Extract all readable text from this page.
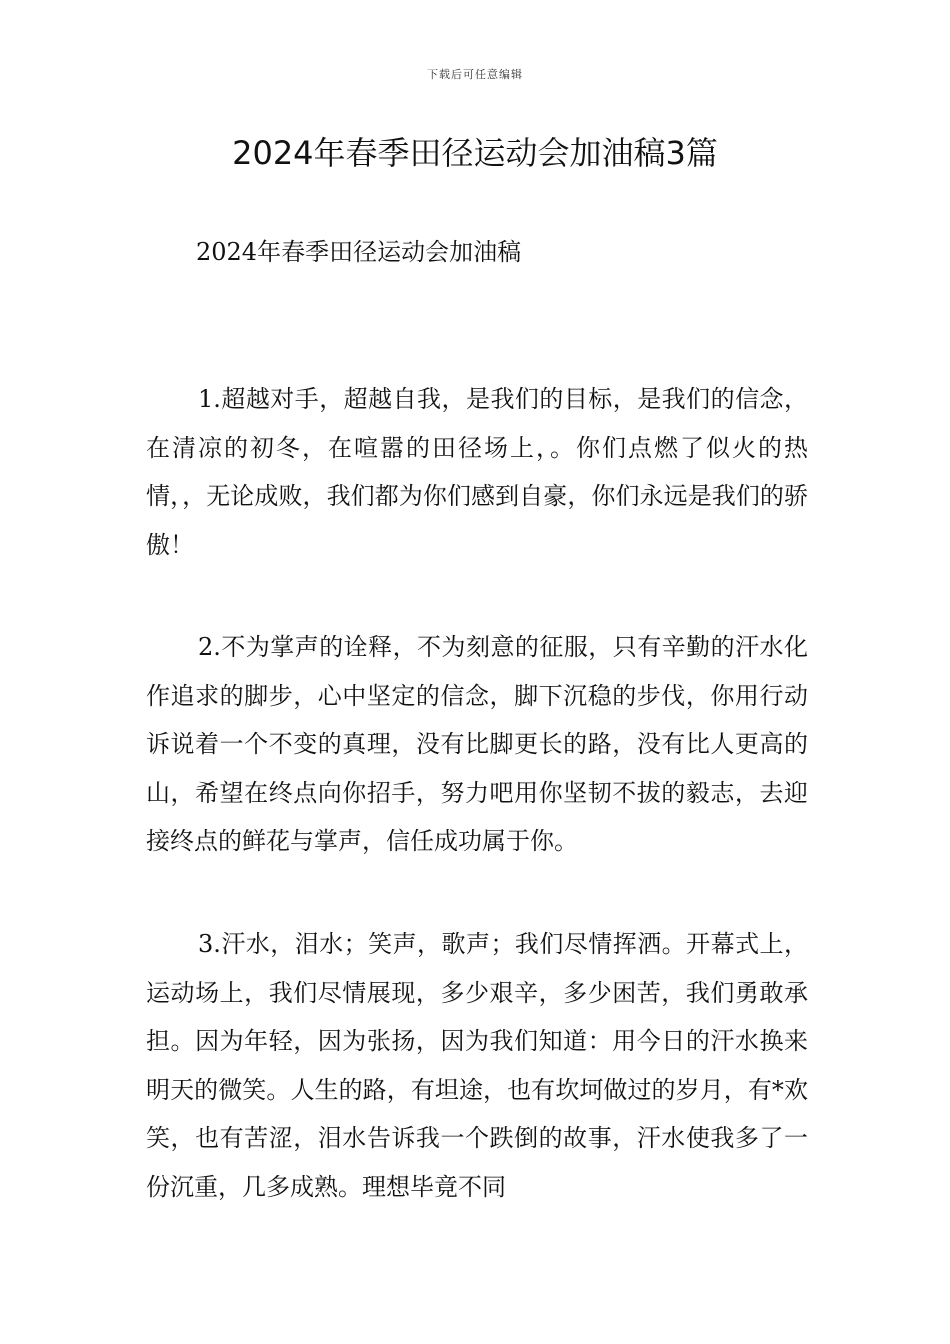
下载后可任意编辑
2024年春季田径运动会加油稿3篇
2024年春季田径运动会加油稿

1.超越对手，超越自我，是我们的目标，是我们的信念，在清凉的初冬，在喧嚣的田径场上，。你们点燃了似火的热情，，无论成败，我们都为你们感到自豪，你们永远是我们的骄傲！

2.不为掌声的诠释，不为刻意的征服，只有辛勤的汗水化作追求的脚步，心中坚定的信念，脚下沉稳的步伐，你用行动诉说着一个不变的真理，没有比脚更长的路，没有比人更高的山，希望在终点向你招手，努力吧用你坚韧不拔的毅志，去迎接终点的鲜花与掌声，信任成功属于你。

3.汗水，泪水；笑声，歌声；我们尽情挥洒。开幕式上，运动场上，我们尽情展现，多少艰辛，多少困苦，我们勇敢承担。因为年轻，因为张扬，因为我们知道：用今日的汗水换来明天的微笑。人生的路，有坦途，也有坎坷做过的岁月，有*欢笑，也有苦涩，泪水告诉我一个跌倒的故事，汗水使我多了一份沉重，几多成熟。理想毕竟不同
